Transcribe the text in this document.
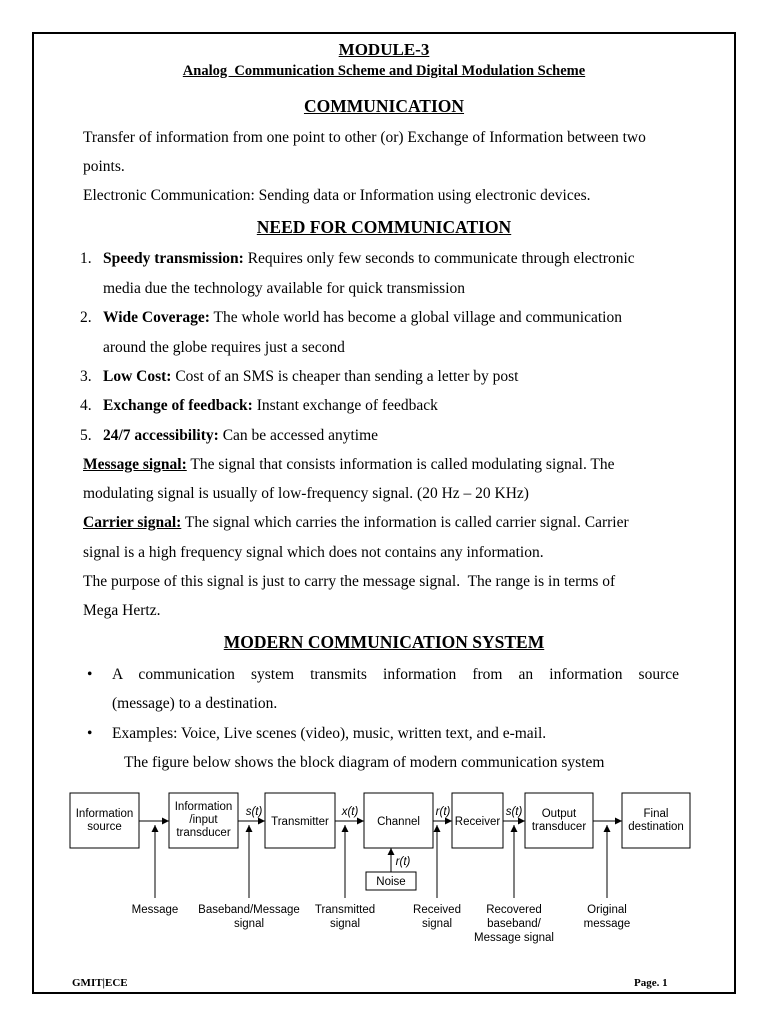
MODULE-3
Analog  Communication Scheme and Digital Modulation Scheme
COMMUNICATION
Transfer of information from one point to other (or) Exchange of Information between two
points.
Electronic Communication: Sending data or Information using electronic devices.
NEED FOR COMMUNICATION
1. Speedy transmission: Requires only few seconds to communicate through electronic
media due the technology available for quick transmission
2. Wide Coverage: The whole world has become a global village and communication
around the globe requires just a second
3. Low Cost: Cost of an SMS is cheaper than sending a letter by post
4. Exchange of feedback: Instant exchange of feedback
5. 24/7 accessibility: Can be accessed anytime
Message signal: The signal that consists information is called modulating signal. The
modulating signal is usually of low-frequency signal. (20 Hz – 20 KHz)
Carrier signal: The signal which carries the information is called carrier signal. Carrier
signal is a high frequency signal which does not contains any information.
The purpose of this signal is just to carry the message signal.  The range is in terms of
Mega Hertz.
MODERN COMMUNICATION SYSTEM
• A  communication  system  transmits  information  from  an  information  source
(message) to a destination.
• Examples: Voice, Live scenes (video), music, written text, and e-mail.
The figure below shows the block diagram of modern communication system
Information
source
Information
/input
transducer
Transmitter	Channel	Receiver
Output
transducer
Final
destination
Noise
s(t)	x(t)	r(t)
r(t)
s(t)
Message Baseband/Message
signal
Transmitted
signal
Received
signal
Recovered
baseband/
Message signal
Original
message
GMIT|ECE	Page. 1
